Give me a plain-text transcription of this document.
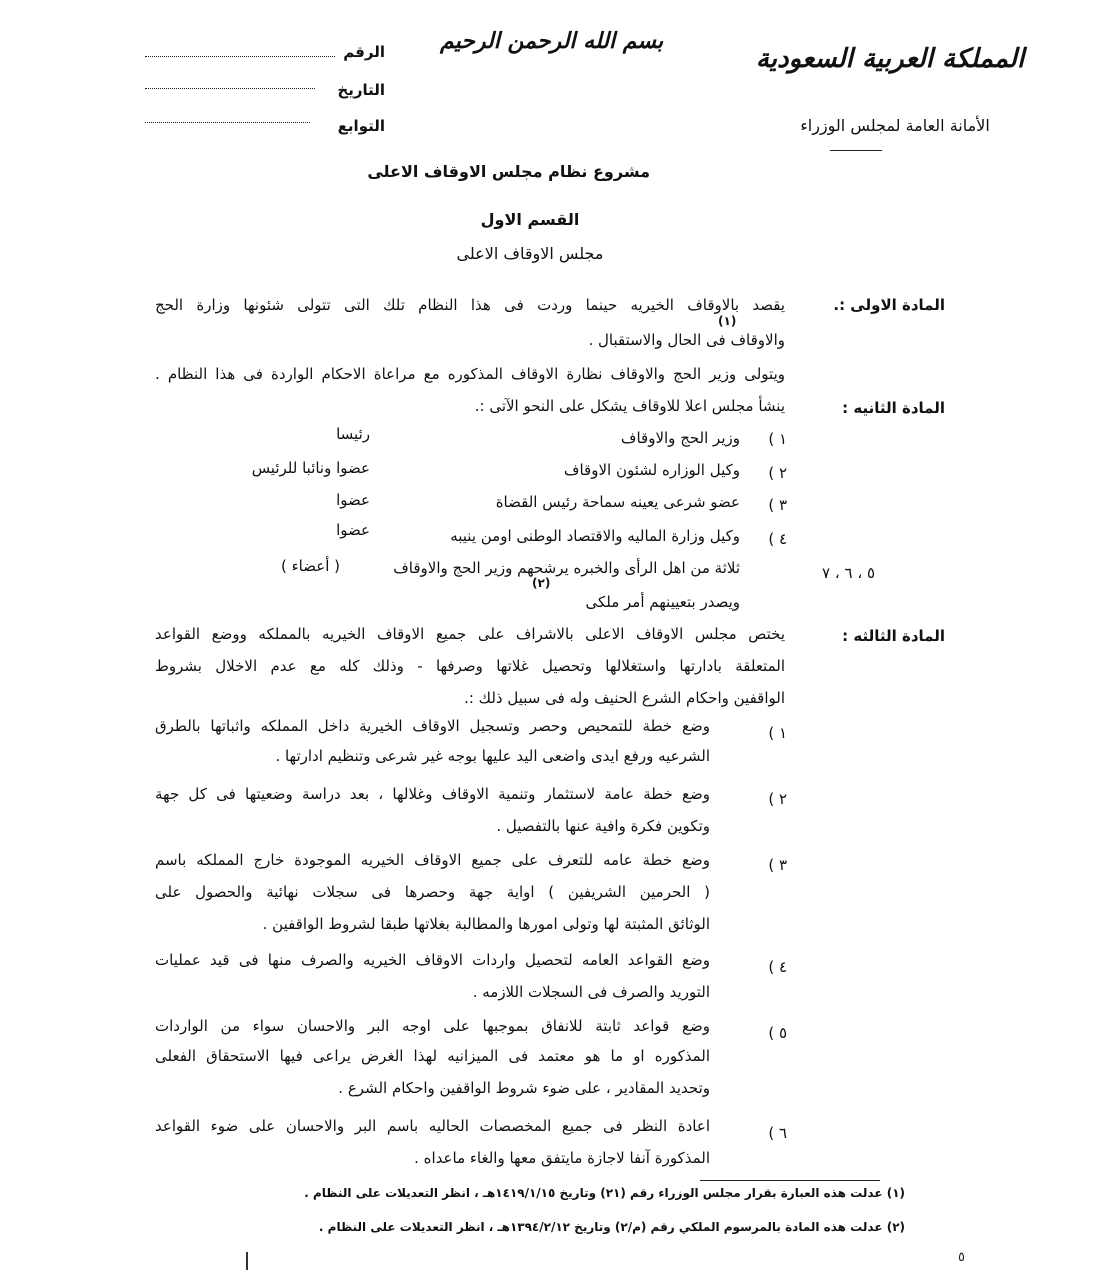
بسم الله الرحمن الرحيم
المملكة العربية السعودية
الأمانة العامة لمجلس الوزراء
الرقم
التاريخ
التوابع
مشروع نظام مجلس الاوقاف الاعلى
القسم الاول
مجلس الاوقاف الاعلى
المادة الاولى :.
يقصد بالاوقاف الخيريه حينما وردت فى هذا النظام تلك التى تتولى شئونها وزارة الحج
والاوقاف فى الحال والاستقبال .
(١)
ويتولى وزير الحج والاوقاف نظارة الاوقاف المذكوره مع مراعاة الاحكام الواردة فى هذا النظام .
المادة الثانيه :
ينشأ مجلس اعلا للاوقاف يشكل على النحو الآتى :.
١ )
وزير الحج والاوقاف
رئيسا
٢ )
وكيل الوزاره لشئون الاوقاف
عضوا ونائبا للرئيس
٣ )
عضو شرعى يعينه سماحة رئيس القضاة
عضوا
٤ )
وكيل وزارة الماليه والاقتصاد الوطنى اومن ينيبه
عضوا
٥ ، ٦ ، ٧
ثلاثة من اهل الرأى والخبره يرشحهم وزير الحج والاوقاف
( أعضاء )
ويصدر بتعيينهم أمر ملكى
(٢)
المادة الثالثه :
يختص مجلس الاوقاف الاعلى بالاشراف على جميع الاوقاف الخيريه بالمملكه ووضع القواعد
المتعلقة بادارتها واستغلالها وتحصيل غلاتها وصرفها - وذلك كله مع عدم الاخلال بشروط
الواقفين واحكام الشرع الحنيف وله فى سبيل ذلك :.
١ )
وضع خطة للتمحيص وحصر وتسجيل الاوقاف الخيرية داخل المملكه واثباتها بالطرق
الشرعيه ورفع ايدى واضعى اليد عليها بوجه غير شرعى وتنظيم ادارتها .
٢ )
وضع خطة عامة لاستثمار وتنمية الاوقاف وغلالها ، بعد دراسة وضعيتها فى كل جهة
وتكوين فكرة وافية عنها بالتفصيل .
٣ )
وضع خطة عامه للتعرف على جميع الاوقاف الخيريه الموجودة خارج المملكه باسم
( الحرمين الشريفين ) اواية جهة وحصرها فى سجلات نهائية والحصول على
الوثائق المثبتة لها وتولى امورها والمطالبة بغلاتها طبقا لشروط الواقفين .
٤ )
وضع القواعد العامه لتحصيل واردات الاوقاف الخيريه والصرف منها فى قيد عمليات
التوريد والصرف فى السجلات اللازمه .
٥ )
وضع قواعد ثابتة للانفاق بموجبها على اوجه البر والاحسان سواء من الواردات
المذكوره او ما هو معتمد فى الميزانيه لهذا الغرض يراعى فيها الاستحقاق الفعلى
وتحديد المقادير ، على ضوء شروط الواقفين واحكام الشرع .
٦ )
اعادة النظر فى جميع المخصصات الحاليه باسم البر والاحسان على ضوء القواعد
المذكورة آنفا لاجازة مايتفق معها والغاء ماعداه .
(١) عدلت هذه العبارة بقرار مجلس الوزراء رقم (٢١) وتاريخ ١٤١٩/١/١٥هـ ، انظر التعديلات على النظام .
(٢) عدلت هذه المادة بالمرسوم الملكي رقم (م/٢) وتاريخ ١٣٩٤/٢/١٢هـ ، انظر التعديلات على النظام .
٥
